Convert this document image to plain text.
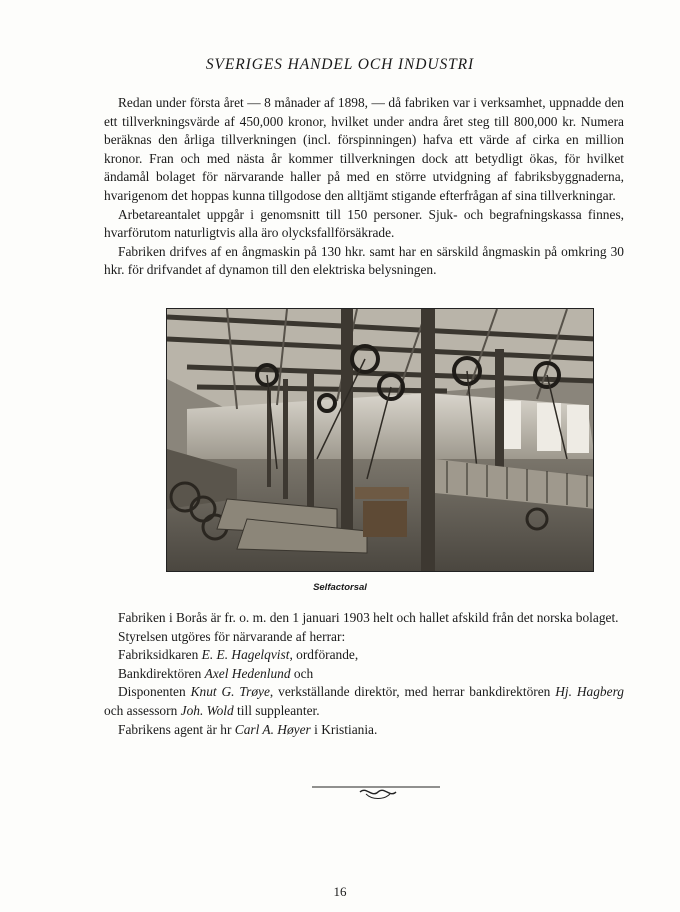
SVERIGES HANDEL OCH INDUSTRI

Redan under första året — 8 månader af 1898, — då fabriken var i verksamhet, uppnadde den ett tillverkningsvärde af 450,000 kronor, hvilket under andra året steg till 800,000 kr. Numera beräknas den årliga tillverkningen (incl. förspinningen) hafva ett värde af cirka en million kronor. Fran och med nästa år kommer tillverkningen dock att betydligt ökas, för hvilket ändamål bolaget för närvarande haller på med en större utvidgning af fabriksbyggnaderna, hvarigenom det hoppas kunna tillgodose den alltjämt stigande efterfrågan af sina tillverkningar.

Arbetareantalet uppgår i genomsnitt till 150 personer. Sjuk- och begrafningskassa finnes, hvarförutom naturligtvis alla äro olycksfallförsäkrade.

Fabriken drifves af en ångmaskin på 130 hkr. samt har en särskild ångmaskin på omkring 30 hkr. för drifvandet af dynamon till den elektriska belysningen.

Selfactorsal

Fabriken i Borås är fr. o. m. den 1 januari 1903 helt och hallet afskild från det norska bolaget.

Styrelsen utgöres för närvarande af herrar:
Fabriksidkaren E. E. Hagelqvist, ordförande,
Bankdirektören Axel Hedenlund och

Disponenten Knut G. Trøye, verkställande direktör, med herrar bankdirektören Hj. Hagberg och assessorn Joh. Wold till suppleanter.

Fabrikens agent är hr Carl A. Høyer i Kristiania.
16
